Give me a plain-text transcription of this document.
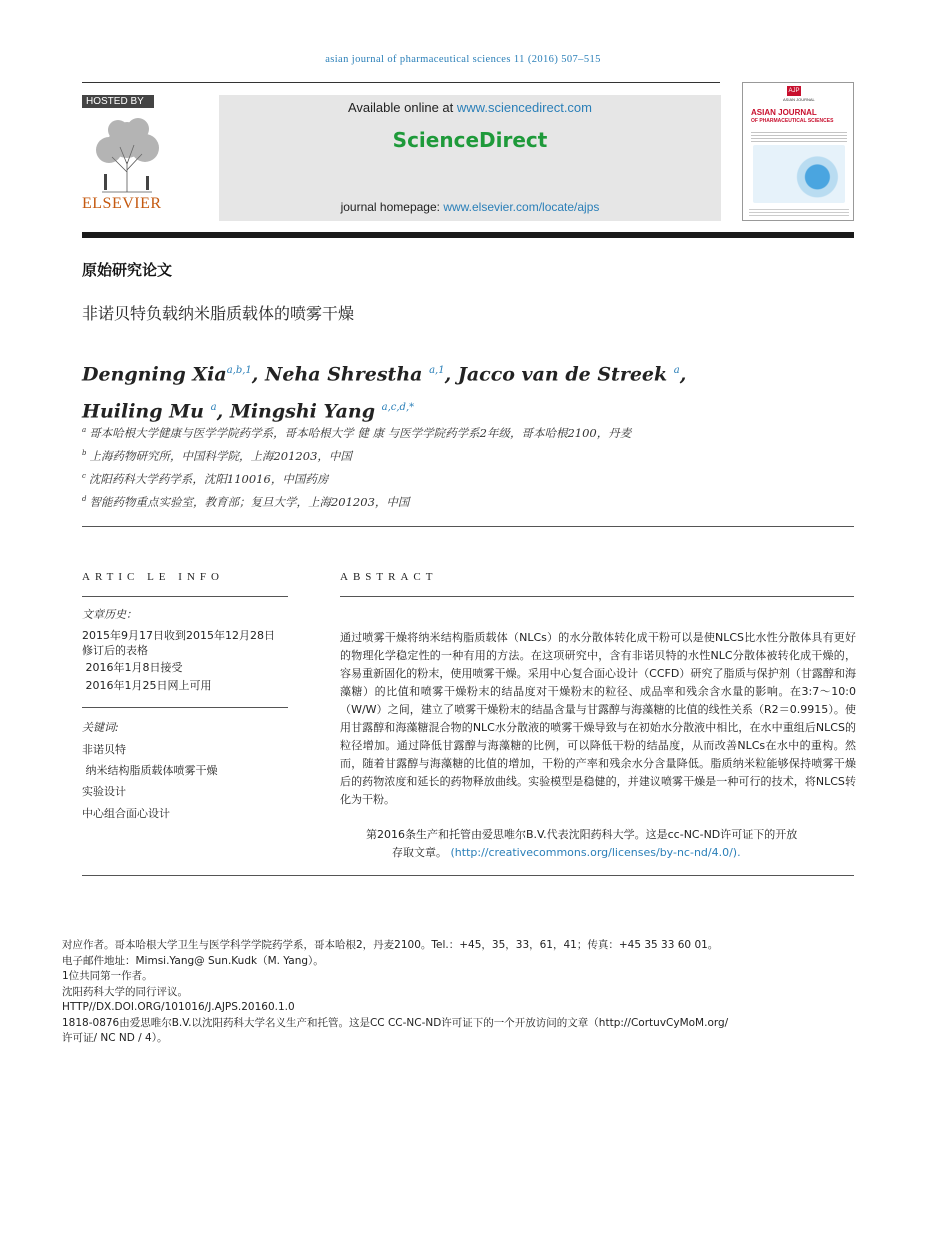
asian journal of pharmaceutical sciences 11 (2016) 507–515
HOSTED BY
ELSEVIER
Available online at www.sciencedirect.com
ScienceDirect
journal homepage: www.elsevier.com/locate/ajps
AJP
ASIAN JOURNAL
ASIAN JOURNAL
OF PHARMACEUTICAL SCIENCES
原始研究论文
非诺贝特负载纳米脂质载体的喷雾干燥
Dengning Xia$^{a,b,1}$, Neha Shrestha $^{a,1}$, Jacco van de Streek $^a$,
Huiling Mu $^a$, Mingshi Yang $^{a,c,d,*}$
$^a$ 哥本哈根大学健康与医学学院药学系，哥本哈根大学 健 康 与医学学院药学系2年级，哥本哈根2100，丹麦
$^b$ 上海药物研究所，中国科学院，上海201203，中国
$^c$ 沈阳药科大学药学系，沈阳110016，中国药房
$^d$ 智能药物重点实验室，教育部；复旦大学，上海201203，中国
ARTIC LE INFO	ABSTRACT
文章历史：
2015年9月17日收到2015年12月28日
修订后的表格
2016年1月8日接受
2016年1月25日网上可用
关键词:
非诺贝特
纳米结构脂质载体喷雾干燥
实验设计
中心组合面心设计
通过喷雾干燥将纳米结构脂质载体（NLCs）的水分散体转化成干粉可以是使NLCS比水性分散体具有更好的物理化学稳定性的一种有用的方法。在这项研究中，含有非诺贝特的水性NLC分散体被转化成干燥的，容易重新固化的粉末，使用喷雾干燥。采用中心复合面心设计（CCFD）研究了脂质与保护剂（甘露醇和海藻糖）的比值和喷雾干燥粉末的结晶度对干燥粉末的粒径、成品率和残余含水量的影响。在3:7～10:0（W/W）之间，建立了喷雾干燥粉末的结晶含量与甘露醇与海藻糖的比值的线性关系（R2＝0.9915）。使用甘露醇和海藻糖混合物的NLC水分散液的喷雾干燥导致与在初始水分散液中相比，在水中重组后NLCS的粒径增加。通过降低甘露醇与海藻糖的比例，可以降低干粉的结晶度，从而改善NLCs在水中的重构。然而，随着甘露醇与海藻糖的比值的增加，干粉的产率和残余水分含量降低。脂质纳米粒能够保持喷雾干燥后的药物浓度和延长的药物释放曲线。实验模型是稳健的，并建议喷雾干燥是一种可行的技术，将NLCS转化为干粉。
第2016条生产和托管由爱思唯尔B.V.代表沈阳药科大学。这是cc-NC-ND许可证下的开放
存取文章。 (http://creativecommons.org/licenses/by-nc-nd/4.0/).
对应作者。哥本哈根大学卫生与医学科学学院药学系，哥本哈根2，丹麦2100。Tel.：+45，35，33，61，41；传真：+45 35 33 60 01。
电子邮件地址：Mimsi.Yang@ Sun.Kudk（M. Yang）。
1位共同第一作者。
沈阳药科大学的同行评议。
HTTP//DX.DOI.ORG/101016/J.AJPS.20160.1.0
1818-0876由爱思唯尔B.V.以沈阳药科大学名义生产和托管。这是CC CC-NC-ND许可证下的一个开放访问的文章（http://CortuvCyMoM.org/
许可证/ NC ND / 4）。
